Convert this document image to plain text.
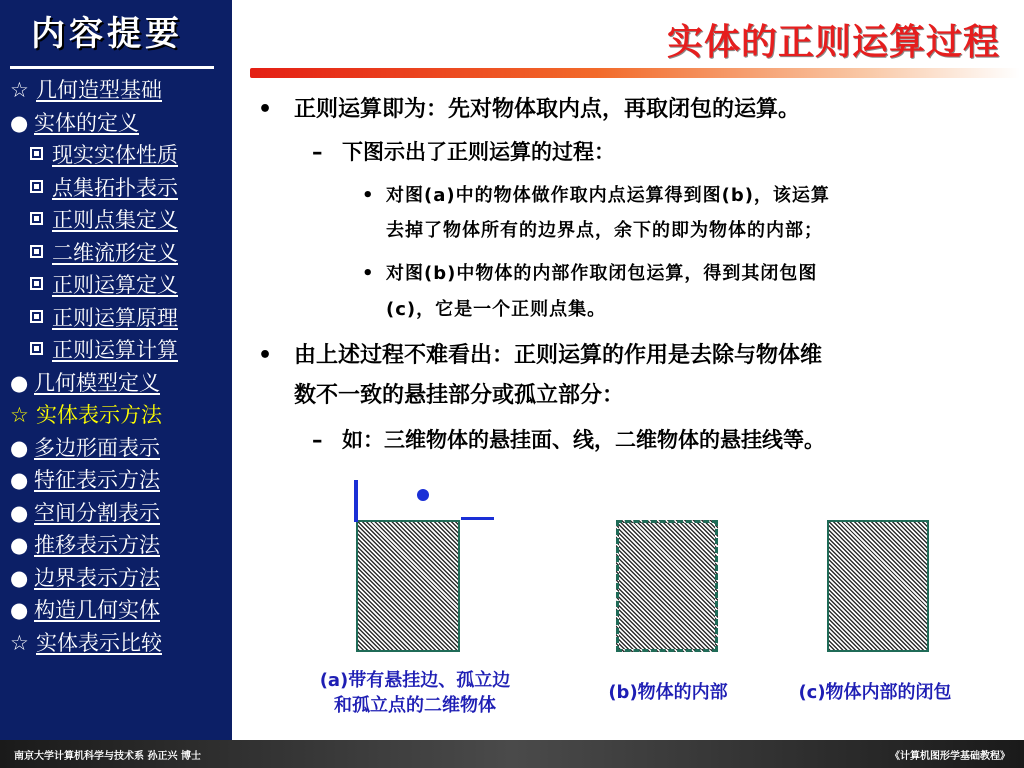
内容提要
☆ 几何造型基础
● 实体的定义
现实实体性质
点集拓扑表示
正则点集定义
二维流形定义
正则运算定义
正则运算原理
正则运算计算
● 几何模型定义
☆ 实体表示方法
● 多边形面表示
● 特征表示方法
● 空间分割表示
● 推移表示方法
● 边界表示方法
● 构造几何实体
☆ 实体表示比较
实体的正则运算过程
• 正则运算即为：先对物体取内点，再取闭包的运算。
– 下图示出了正则运算的过程：
• 对图(a)中的物体做作取内点运算得到图(b)，该运算
去掉了物体所有的边界点，余下的即为物体的内部；
• 对图(b)中物体的内部作取闭包运算，得到其闭包图
(c)，它是一个正则点集。
• 由上述过程不难看出：正则运算的作用是去除与物体维
数不一致的悬挂部分或孤立部分：
– 如：三维物体的悬挂面、线，二维物体的悬挂线等。
(a)带有悬挂边、孤立边
和孤立点的二维物体
(b)物体的内部	(c)物体内部的闭包
南京大学计算机科学与技术系 孙正兴 博士	《计算机图形学基础教程》
